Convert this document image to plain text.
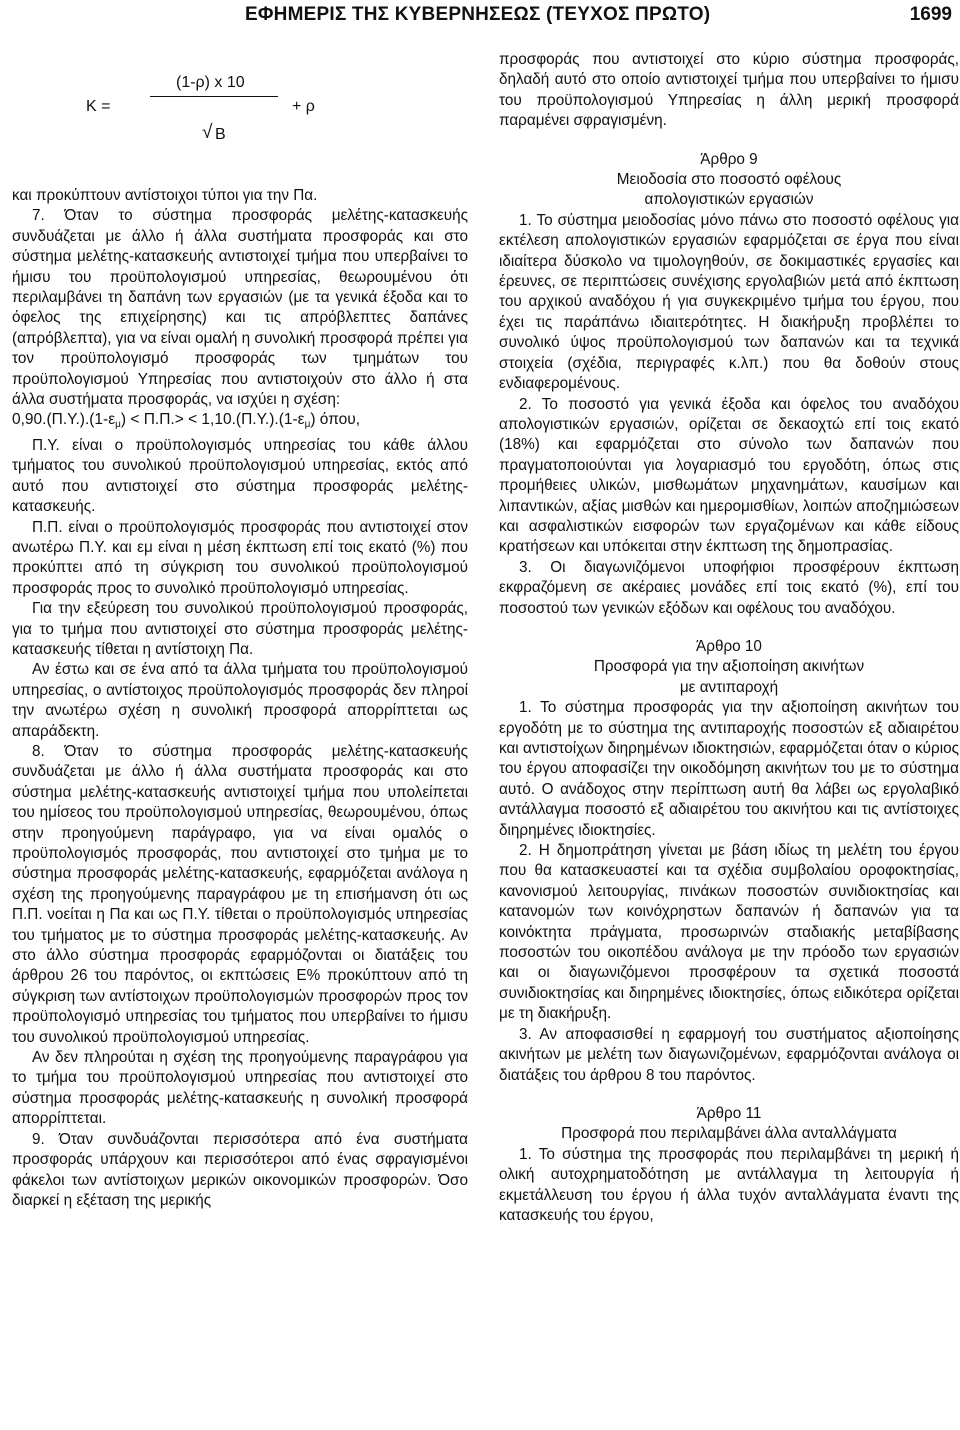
ΕΦΗΜΕΡΙΣ ΤΗΣ ΚΥΒΕΡΝΗΣΕΩΣ (ΤΕΥΧΟΣ ΠΡΩΤΟ)	1699
K =
(1-ρ) x 10
+ ρ
√ B

και προκύπτουν αντίστοιχοι τύποι για την Πα.

7. Όταν το σύστημα προσφοράς μελέτης-κατασκευής συνδυάζεται με άλλο ή άλλα συστήματα προσφοράς και στο σύστημα μελέτης-κατασκευής αντιστοιχεί τμήμα που υπερβαίνει το ήμισυ του προϋπολογισμού υπηρεσίας, θεωρουμένου ότι περιλαμβάνει τη δαπάνη των εργασιών (με τα γενικά έξοδα και το όφελος της επιχείρησης) και τις απρόβλεπτες δαπάνες (απρόβλεπτα), για να είναι ομαλή η συνολική προσφορά πρέπει για τον προϋπολογισμό προσφοράς των τμημάτων του προϋπολογισμού Υπηρεσίας που αντιστοιχούν στο άλλο ή στα άλλα συστήματα προσφοράς, να ισχύει η σχέση:

$0,90.(\Pi.\Upsilon.).(1-\varepsilon_\mu) < \Pi.\Pi.> < 1,10.(\Pi.\Upsilon.).(1-\varepsilon_\mu)$ όπου,

Π.Υ. είναι ο προϋπολογισμός υπηρεσίας του κάθε άλλου τμήματος του συνολικού προϋπολογισμού υπηρεσίας, εκτός από αυτό που αντιστοιχεί στο σύστημα προσφοράς μελέτης-κατασκευής.

Π.Π. είναι ο προϋπολογισμός προσφοράς που αντιστοιχεί στον ανωτέρω Π.Υ. και εμ είναι η μέση έκπτωση επί τοις εκατό (%) που προκύπτει από τη σύγκριση του συνολικού προϋπολογισμού προσφοράς προς το συνολικό προϋπολογισμό υπηρεσίας.

Για την εξεύρεση του συνολικού προϋπολογισμού προσφοράς, για το τμήμα που αντιστοιχεί στο σύστημα προσφοράς μελέτης-κατασκευής τίθεται η αντίστοιχη Πα.

Αν έστω και σε ένα από τα άλλα τμήματα του προϋπολογισμού υπηρεσίας, ο αντίστοιχος προϋπολογισμός προσφοράς δεν πληροί την ανωτέρω σχέση η συνολική προσφορά απορρίπτεται ως απαράδεκτη.

8. Όταν το σύστημα προσφοράς μελέτης-κατασκευής συνδυάζεται με άλλο ή άλλα συστήματα προσφοράς και στο σύστημα μελέτης-κατασκευής αντιστοιχεί τμήμα που υπολείπεται του ημίσεος του προϋπολογισμού υπηρεσίας, θεωρουμένου, όπως στην προηγούμενη παράγραφο, για να είναι ομαλός ο προϋπολογισμός προσφοράς, που αντιστοιχεί στο τμήμα με το σύστημα προσφοράς μελέτης-κατασκευής, εφαρμόζεται ανάλογα η σχέση της προηγούμενης παραγράφου με τη επισήμανση ότι ως Π.Π. νοείται η Πα και ως Π.Υ. τίθεται ο προϋπολογισμός υπηρεσίας του τμήματος με το σύστημα προσφοράς μελέτης-κατασκευής. Αν στο άλλο σύστημα προσφοράς εφαρμόζονται οι διατάξεις του άρθρου 26 του παρόντος, οι εκπτώσεις Ε% προκύπτουν από τη σύγκριση των αντίστοιχων προϋπολογισμών προσφορών προς τον προϋπολογισμό υπηρεσίας του τμήματος που υπερβαίνει το ήμισυ του συνολικού προϋπολογισμού υπηρεσίας.

Αν δεν πληρούται η σχέση της προηγούμενης παραγράφου για το τμήμα του προϋπολογισμού υπηρεσίας που αντιστοιχεί στο σύστημα προσφοράς μελέτης-κατασκευής η συνολική προσφορά απορρίπτεται.

9. Όταν συνδυάζονται περισσότερα από ένα συστήματα προσφοράς υπάρχουν και περισσότεροι από ένας σφραγισμένοι φάκελοι των αντίστοιχων μερικών οικονομικών προσφορών. Όσο διαρκεί η εξέταση της μερικής

προσφοράς που αντιστοιχεί στο κύριο σύστημα προσφοράς, δηλαδή αυτό στο οποίο αντιστοιχεί τμήμα που υπερβαίνει το ήμισυ του προϋπολογισμού Υπηρεσίας η άλλη μερική προσφορά παραμένει σφραγισμένη.

Άρθρο 9

Μειοδοσία στο ποσοστό οφέλους

απολογιστικών εργασιών

1. Το σύστημα μειοδοσίας μόνο πάνω στο ποσοστό οφέλους για εκτέλεση απολογιστικών εργασιών εφαρμόζεται σε έργα που είναι ιδιαίτερα δύσκολο να τιμολογηθούν, σε δοκιμαστικές εργασίες και έρευνες, σε περιπτώσεις συνέχισης εργολαβιών μετά από έκπτωση του αρχικού αναδόχου ή για συγκεκριμένο τμήμα του έργου, που έχει τις παράπάνω ιδιαιτερότητες. Η διακήρυξη προβλέπει το συνολικό ύψος προϋπολογισμού των δαπανών και τα τεχνικά στοιχεία (σχέδια, περιγραφές κ.λπ.) που θα δοθούν στους ενδιαφερομένους.

2. Το ποσοστό για γενικά έξοδα και όφελος του αναδόχου απολογιστικών εργασιών, ορίζεται σε δεκαοχτώ επί τοις εκατό (18%) και εφαρμόζεται στο σύνολο των δαπανών που πραγματοποιούνται για λογαριασμό του εργοδότη, όπως στις προμήθειες υλικών, μισθωμάτων μηχανημάτων, καυσίμων και λιπαντικών, αξίας μισθών και ημερομισθίων, λοιπών αποζημιώσεων και ασφαλιστικών εισφορών των εργαζομένων και κάθε είδους κρατήσεων και υπόκειται στην έκπτωση της δημοπρασίας.

3. Οι διαγωνιζόμενοι υποφήφιοι προσφέρουν έκπτωση εκφραζόμενη σε ακέραιες μονάδες επί τοις εκατό (%), επί του ποσοστού των γενικών εξόδων και οφέλους του αναδόχου.

Άρθρο 10

Προσφορά για την αξιοποίηση ακινήτων

με αντιπαροχή

1. Το σύστημα προσφοράς για την αξιοποίηση ακινήτων του εργοδότη με το σύστημα της αντιπαροχής ποσοστών εξ αδιαιρέτου και αντιστοίχων διηρημένων ιδιοκτησιών, εφαρμόζεται όταν ο κύριος του έργου αποφασίζει την οικοδόμηση ακινήτων του με το σύστημα αυτό. Ο ανάδοχος στην περίπτωση αυτή θα λάβει ως εργολαβικό αντάλλαγμα ποσοστό εξ αδιαιρέτου του ακινήτου και τις αντίστοιχες διηρημένες ιδιοκτησίες.

2. Η δημοπράτηση γίνεται με βάση ιδίως τη μελέτη του έργου που θα κατασκευαστεί και τα σχέδια συμβολαίου οροφοκτησίας, κανονισμού λειτουργίας, πινάκων ποσοστών συνιδιοκτησίας και κατανομών των κοινόχρηστων δαπανών ή δαπανών για τα κοινόκτητα πράγματα, προσωρινών σταδιακής μεταβίβασης ποσοστών του οικοπέδου ανάλογα με την πρόοδο των εργασιών και οι διαγωνιζόμενοι προσφέρουν τα σχετικά ποσοστά συνιδιοκτησίας και διηρημένες ιδιοκτησίες, όπως ειδικότερα ορίζεται με τη διακήρυξη.

3. Αν αποφασισθεί η εφαρμογή του συστήματος αξιοποίησης ακινήτων με μελέτη των διαγωνιζομένων, εφαρμόζονται ανάλογα οι διατάξεις του άρθρου 8 του παρόντος.

Άρθρο 11

Προσφορά που περιλαμβάνει άλλα ανταλλάγματα

1. Το σύστημα της προσφοράς που περιλαμβάνει τη μερική ή ολική αυτοχρηματοδότηση με αντάλλαγμα τη λειτουργία ή εκμετάλλευση του έργου ή άλλα τυχόν ανταλλάγματα έναντι της κατασκευής του έργου,
